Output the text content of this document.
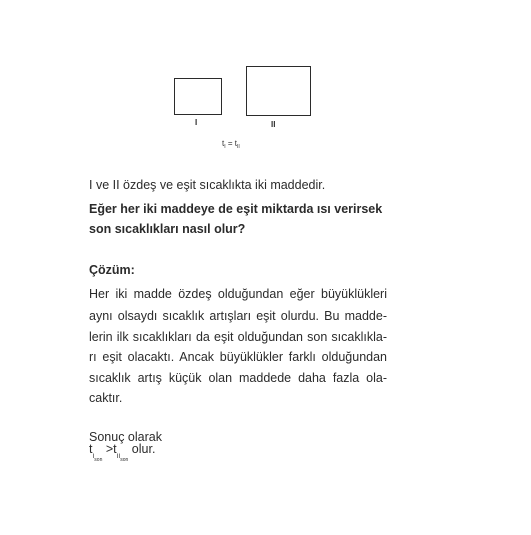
I	II
$t_I = t_{II}$
I ve II özdeş ve eşit sıcaklıkta iki maddedir.
Eğer her iki maddeye de eşit miktarda ısı verirsek
son sıcaklıkları nasıl olur?
Çözüm:
Her iki madde özdeş olduğundan eğer büyüklükleri
aynı olsaydı sıcaklık artışları eşit olurdu. Bu madde-
lerin ilk sıcaklıkları da eşit olduğundan son sıcaklıkla-
rı eşit olacaktı. Ancak büyüklükler farklı olduğundan
sıcaklık artış küçük olan maddede daha fazla ola-
caktır.
Sonuç olarak
$t_{I_{son}} >t_{II_{son}}$ olur.
